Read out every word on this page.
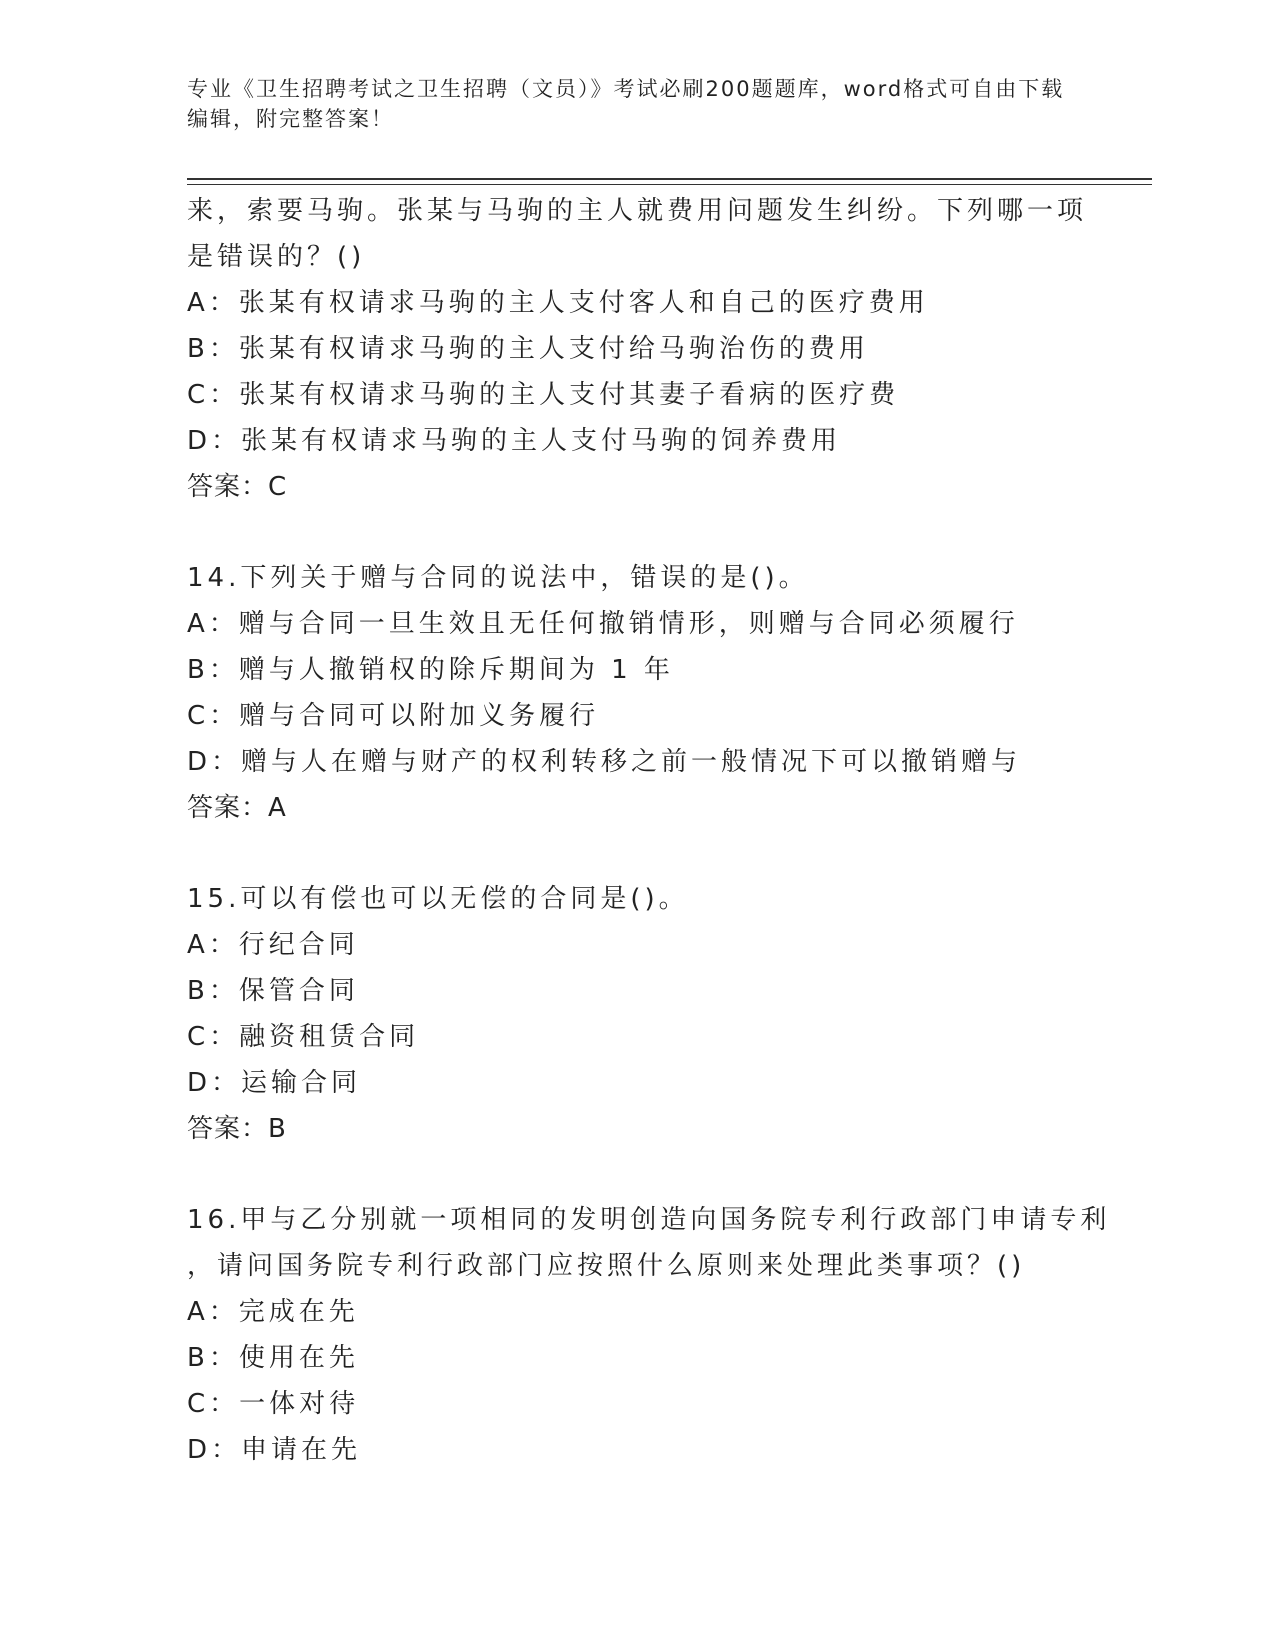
专业《卫生招聘考试之卫生招聘（文员）》考试必刷200题题库，word格式可自由下载编辑，附完整答案！
来，索要马驹。张某与马驹的主人就费用问题发生纠纷。下列哪一项
是错误的？()
A：张某有权请求马驹的主人支付客人和自己的医疗费用
B：张某有权请求马驹的主人支付给马驹治伤的费用
C：张某有权请求马驹的主人支付其妻子看病的医疗费
D：张某有权请求马驹的主人支付马驹的饲养费用
答案：C
14.下列关于赠与合同的说法中，错误的是()。
A：赠与合同一旦生效且无任何撤销情形，则赠与合同必须履行
B：赠与人撤销权的除斥期间为 1 年
C：赠与合同可以附加义务履行
D：赠与人在赠与财产的权利转移之前一般情况下可以撤销赠与
答案：A
15.可以有偿也可以无偿的合同是()。
A：行纪合同
B：保管合同
C：融资租赁合同
D：运输合同
答案：B
16.甲与乙分别就一项相同的发明创造向国务院专利行政部门申请专利
，请问国务院专利行政部门应按照什么原则来处理此类事项？()
A：完成在先
B：使用在先
C：一体对待
D：申请在先
